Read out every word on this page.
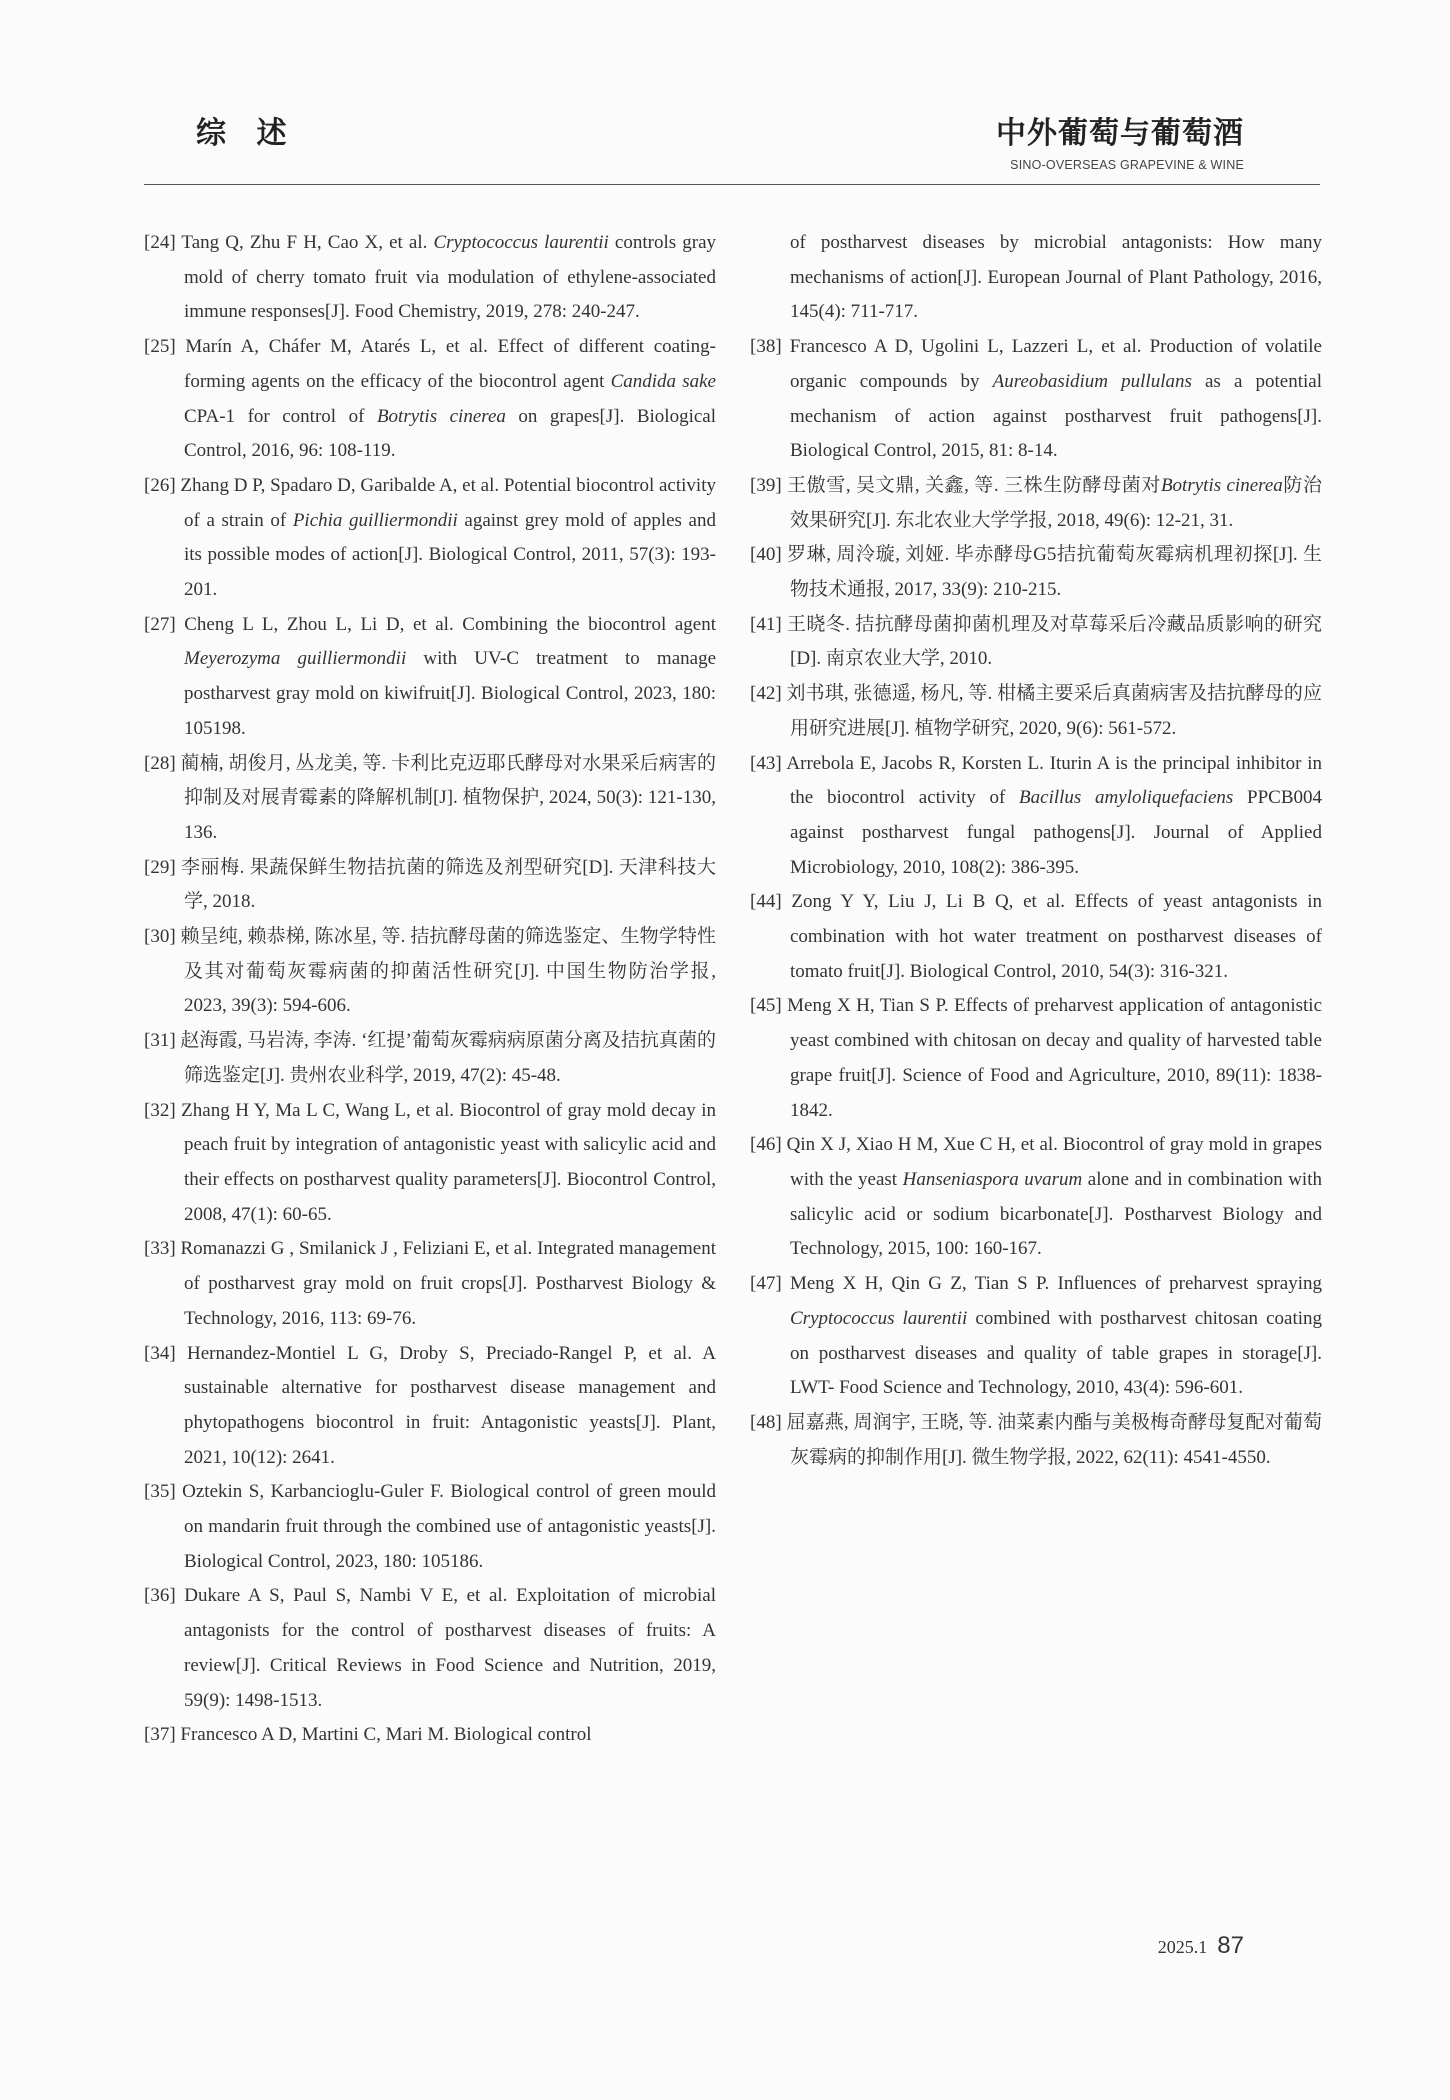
综 述	中外葡萄与葡萄酒
SINO-OVERSEAS GRAPEVINE & WINE

[24] Tang Q, Zhu F H, Cao X, et al. Cryptococcus laurentii controls gray mold of cherry tomato fruit via modulation of ethylene-associated immune responses[J]. Food Chemistry, 2019, 278: 240-247.

[25] Marín A, Cháfer M, Atarés L, et al. Effect of different coating-forming agents on the efficacy of the biocontrol agent Candida sake CPA-1 for control of Botrytis cinerea on grapes[J]. Biological Control, 2016, 96: 108-119.

[26] Zhang D P, Spadaro D, Garibalde A, et al. Potential biocontrol activity of a strain of Pichia guilliermondii against grey mold of apples and its possible modes of action[J]. Biological Control, 2011, 57(3): 193-201.

[27] Cheng L L, Zhou L, Li D, et al. Combining the biocontrol agent Meyerozyma guilliermondii with UV-C treatment to manage postharvest gray mold on kiwifruit[J]. Biological Control, 2023, 180: 105198.

[28] 蔺楠, 胡俊月, 丛龙美, 等. 卡利比克迈耶氏酵母对水果采后病害的抑制及对展青霉素的降解机制[J]. 植物保护, 2024, 50(3): 121-130, 136.

[29] 李丽梅. 果蔬保鲜生物拮抗菌的筛选及剂型研究[D]. 天津科技大学, 2018.

[30] 赖呈纯, 赖恭梯, 陈冰星, 等. 拮抗酵母菌的筛选鉴定、生物学特性及其对葡萄灰霉病菌的抑菌活性研究[J]. 中国生物防治学报, 2023, 39(3): 594-606.

[31] 赵海霞, 马岩涛, 李涛. ‘红提’葡萄灰霉病病原菌分离及拮抗真菌的筛选鉴定[J]. 贵州农业科学, 2019, 47(2): 45-48.

[32] Zhang H Y, Ma L C, Wang L, et al. Biocontrol of gray mold decay in peach fruit by integration of antagonistic yeast with salicylic acid and their effects on postharvest quality parameters[J]. Biocontrol Control, 2008, 47(1): 60-65.

[33] Romanazzi G , Smilanick J , Feliziani E, et al. Integrated management of postharvest gray mold on fruit crops[J]. Postharvest Biology & Technology, 2016, 113: 69-76.

[34] Hernandez-Montiel L G, Droby S, Preciado-Rangel P, et al. A sustainable alternative for postharvest disease management and phytopathogens biocontrol in fruit: Antagonistic yeasts[J]. Plant, 2021, 10(12): 2641.

[35] Oztekin S, Karbancioglu-Guler F. Biological control of green mould on mandarin fruit through the combined use of antagonistic yeasts[J]. Biological Control, 2023, 180: 105186.

[36] Dukare A S, Paul S, Nambi V E, et al. Exploitation of microbial antagonists for the control of postharvest diseases of fruits: A review[J]. Critical Reviews in Food Science and Nutrition, 2019, 59(9): 1498-1513.

[37] Francesco A D, Martini C, Mari M. Biological control

of postharvest diseases by microbial antagonists: How many mechanisms of action[J]. European Journal of Plant Pathology, 2016, 145(4): 711-717.

[38] Francesco A D, Ugolini L, Lazzeri L, et al. Production of volatile organic compounds by Aureobasidium pullulans as a potential mechanism of action against postharvest fruit pathogens[J]. Biological Control, 2015, 81: 8-14.

[39] 王傲雪, 吴文鼎, 关鑫, 等. 三株生防酵母菌对Botrytis cinerea防治效果研究[J]. 东北农业大学学报, 2018, 49(6): 12-21, 31.

[40] 罗琳, 周泠璇, 刘娅. 毕赤酵母G5拮抗葡萄灰霉病机理初探[J]. 生物技术通报, 2017, 33(9): 210-215.

[41] 王晓冬. 拮抗酵母菌抑菌机理及对草莓采后冷藏品质影响的研究[D]. 南京农业大学, 2010.

[42] 刘书琪, 张德遥, 杨凡, 等. 柑橘主要采后真菌病害及拮抗酵母的应用研究进展[J]. 植物学研究, 2020, 9(6): 561-572.

[43] Arrebola E, Jacobs R, Korsten L. Iturin A is the principal inhibitor in the biocontrol activity of Bacillus amyloliquefaciens PPCB004 against postharvest fungal pathogens[J]. Journal of Applied Microbiology, 2010, 108(2): 386-395.

[44] Zong Y Y, Liu J, Li B Q, et al. Effects of yeast antagonists in combination with hot water treatment on postharvest diseases of tomato fruit[J]. Biological Control, 2010, 54(3): 316-321.

[45] Meng X H, Tian S P. Effects of preharvest application of antagonistic yeast combined with chitosan on decay and quality of harvested table grape fruit[J]. Science of Food and Agriculture, 2010, 89(11): 1838-1842.

[46] Qin X J, Xiao H M, Xue C H, et al. Biocontrol of gray mold in grapes with the yeast Hanseniaspora uvarum alone and in combination with salicylic acid or sodium bicarbonate[J]. Postharvest Biology and Technology, 2015, 100: 160-167.

[47] Meng X H, Qin G Z, Tian S P. Influences of preharvest spraying Cryptococcus laurentii combined with postharvest chitosan coating on postharvest diseases and quality of table grapes in storage[J]. LWT- Food Science and Technology, 2010, 43(4): 596-601.

[48] 屈嘉燕, 周润宇, 王晓, 等. 油菜素内酯与美极梅奇酵母复配对葡萄灰霉病的抑制作用[J]. 微生物学报, 2022, 62(11): 4541-4550.

2025.1 87
